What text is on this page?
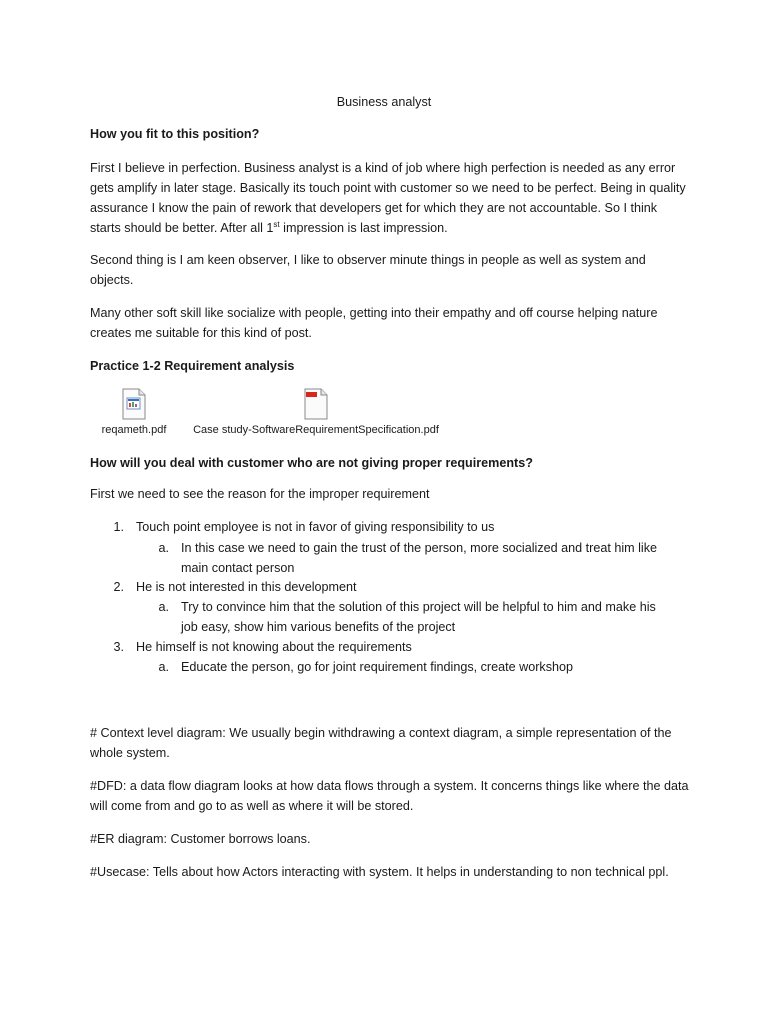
Business analyst
How you fit to this position?
First I believe in perfection. Business analyst is a kind of job where high perfection is needed as any error gets amplify in later stage. Basically its touch point with customer so we need to be perfect. Being in quality assurance I know the pain of rework that developers get for which they are not accountable. So I think starts should be better. After all 1st impression is last impression.
Second thing is I am keen observer, I like to observer minute things in people as well as system and objects.
Many other soft skill like socialize with people, getting into their empathy and off course helping nature creates me suitable for this kind of post.
Practice 1-2 Requirement analysis
reqameth.pdf	Case study-SoftwareRequirementSpecification.pdf
How will you deal with customer who are not giving proper requirements?
First we need to see the reason for the improper requirement
1. Touch point employee is not in favor of giving responsibility to us
a. In this case we need to gain the trust of the person, more socialized and treat him like main contact person
2. He is not interested in this development
a. Try to convince him that the solution of this project will be helpful to him and make his job easy, show him various benefits of the project
3. He himself is not knowing about the requirements
a. Educate the person, go for joint requirement findings, create workshop
# Context level diagram: We usually begin withdrawing a context diagram, a simple representation of the whole system.
#DFD: a data flow diagram looks at how data flows through a system. It concerns things like where the data will come from and go to as well as where it will be stored.
#ER diagram: Customer borrows loans.
#Usecase: Tells about how Actors interacting with system. It helps in understanding to non technical ppl.
